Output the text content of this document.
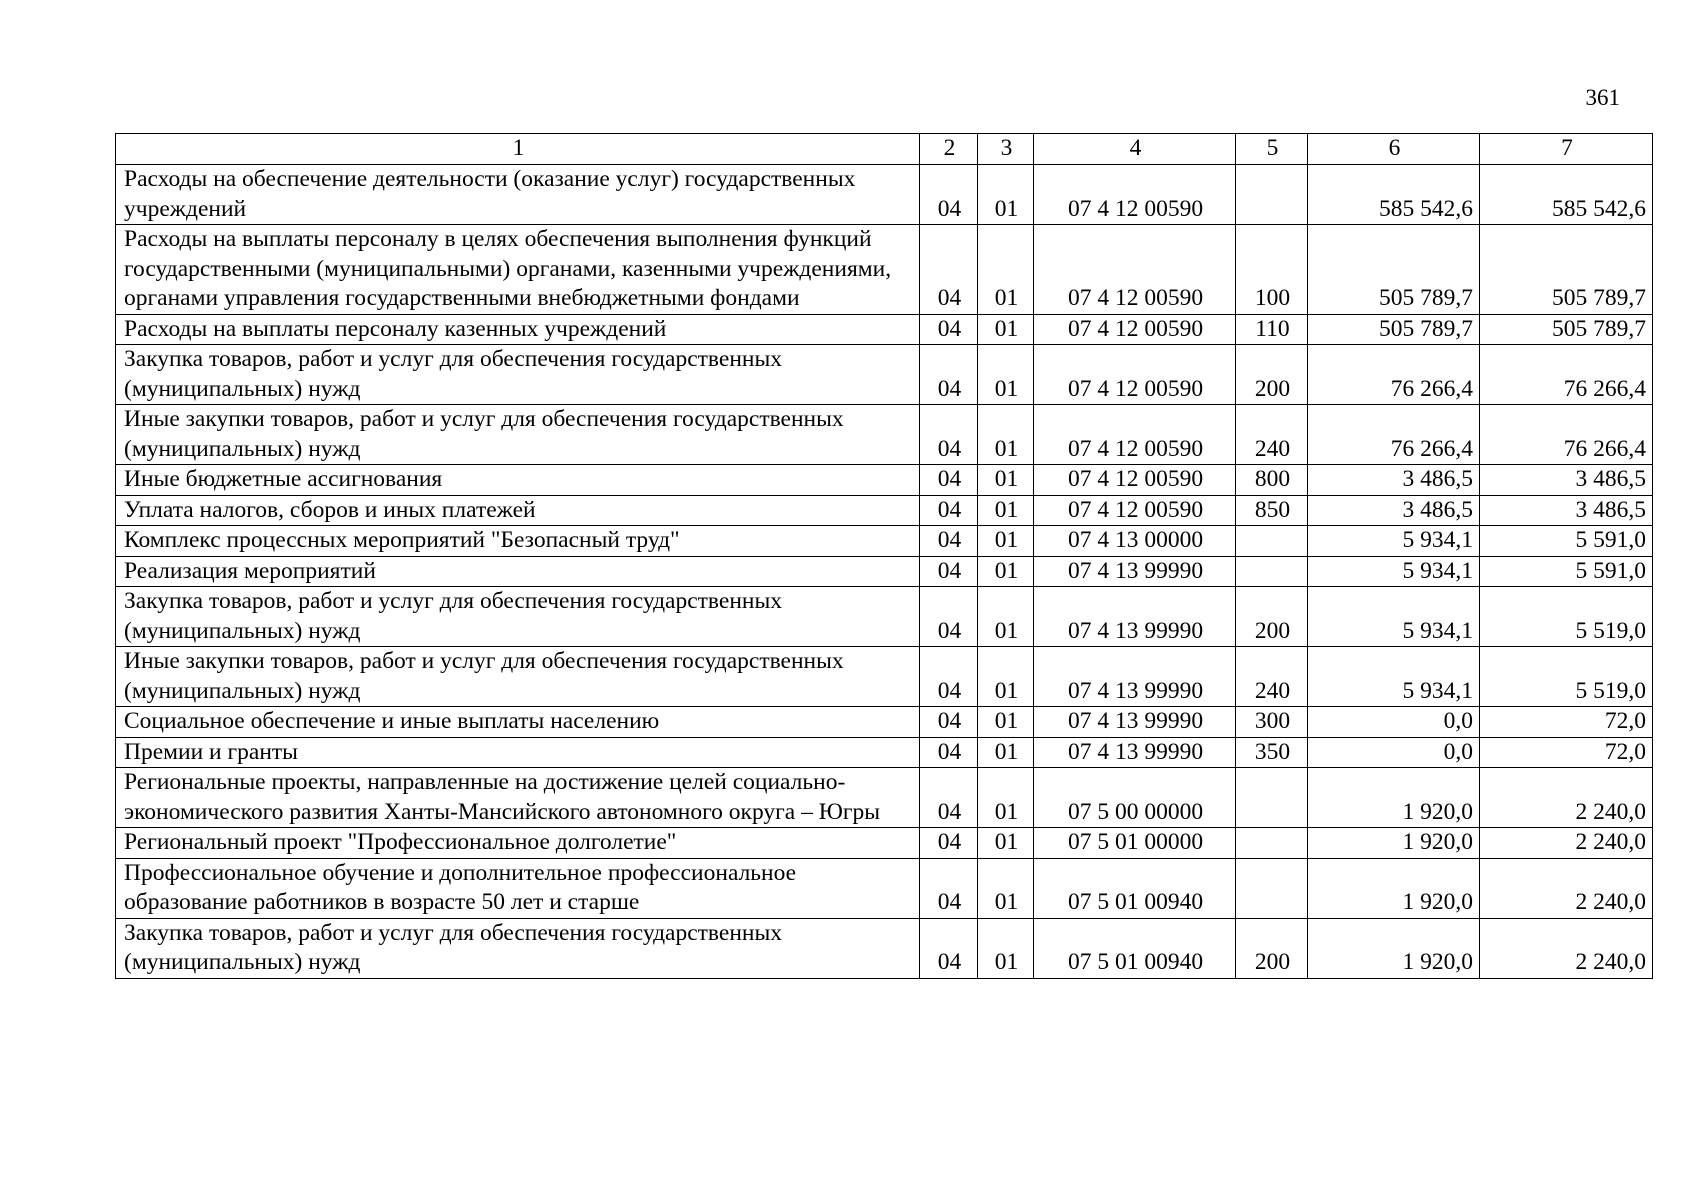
361
1	2	3	4	5	6	7
Расходы на обеспечение деятельности (оказание услуг) государственных учреждений	04	01	07 4 12 00590		585 542,6	585 542,6
Расходы на выплаты персоналу в целях обеспечения выполнения функций государственными (муниципальными) органами, казенными учреждениями, органами управления государственными внебюджетными фондами	04	01	07 4 12 00590	100	505 789,7	505 789,7
Расходы на выплаты персоналу казенных учреждений	04	01	07 4 12 00590	110	505 789,7	505 789,7
Закупка товаров, работ и услуг для обеспечения государственных (муниципальных) нужд	04	01	07 4 12 00590	200	76 266,4	76 266,4
Иные закупки товаров, работ и услуг для обеспечения государственных (муниципальных) нужд	04	01	07 4 12 00590	240	76 266,4	76 266,4
Иные бюджетные ассигнования	04	01	07 4 12 00590	800	3 486,5	3 486,5
Уплата налогов, сборов и иных платежей	04	01	07 4 12 00590	850	3 486,5	3 486,5
Комплекс процессных мероприятий "Безопасный труд"	04	01	07 4 13 00000		5 934,1	5 591,0
Реализация мероприятий	04	01	07 4 13 99990		5 934,1	5 591,0
Закупка товаров, работ и услуг для обеспечения государственных (муниципальных) нужд	04	01	07 4 13 99990	200	5 934,1	5 519,0
Иные закупки товаров, работ и услуг для обеспечения государственных (муниципальных) нужд	04	01	07 4 13 99990	240	5 934,1	5 519,0
Социальное обеспечение и иные выплаты населению	04	01	07 4 13 99990	300	0,0	72,0
Премии и гранты	04	01	07 4 13 99990	350	0,0	72,0
Региональные проекты, направленные на достижение целей социально-экономического развития Ханты-Мансийского автономного округа – Югры	04	01	07 5 00 00000		1 920,0	2 240,0
Региональный проект "Профессиональное долголетие"	04	01	07 5 01 00000		1 920,0	2 240,0
Профессиональное обучение и дополнительное профессиональное образование работников в возрасте 50 лет и старше	04	01	07 5 01 00940		1 920,0	2 240,0
Закупка товаров, работ и услуг для обеспечения государственных (муниципальных) нужд	04	01	07 5 01 00940	200	1 920,0	2 240,0
